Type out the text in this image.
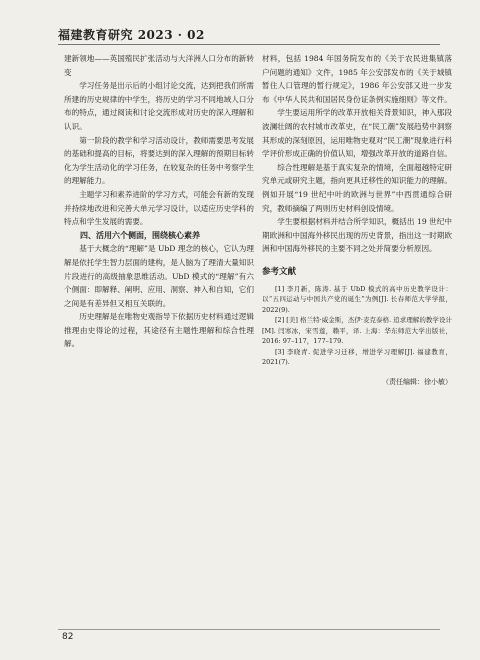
福建教育研究 2023 · 02

建新领地——英国殖民扩张活动与大洋洲人口分布的新转变

学习任务是出示后的小组讨论交流，达到把我们所需所建的历史规律的中学生，将历史的学习不同地域人口分布的特点，通过阅读和讨论交流形成对历史的深入理解和认识。

第一阶段的教学和学习活动设计，教师需要思考发展的基础和提高的目标，将要达到的深入理解的预期目标转化为学生活动化的学习任务，在较复杂的任务中考察学生的理解能力。

主题学习和素养进阶的学习方式，可能会有新的发现并持续地改进和完善大单元学习设计，以适应历史学科的特点和学生发展的需要。

四、活用六个侧面，围绕核心素养

基于大概念的“理解”是 UbD 理念的核心，它认为理解是依托学生智力层面的建构，是人脑为了理清大量知识片段进行的高级抽象思维活动。UbD 模式的“理解”有六个侧面：即解释、阐明、应用、洞察、神入和自知，它们之间是有差异但又相互关联的。

历史理解是在唯物史观指导下依据历史材料通过逻辑推理由史得论的过程，其途径有主题性理解和综合性理解。

材料，包括 1984 年国务院发布的《关于农民进集镇落户问题的通知》文件，1985 年公安部发布的《关于城镇暂住人口管理的暂行规定》，1986 年公安部又进一步发布《中华人民共和国居民身份证条例实施细则》等文件。

学生要运用所学的改革开放相关背景知识，神入那段波澜壮阔的农村城市改革史，在“民工潮”发展趋势中洞察其形成的深刻原因，运用唯物史观对“民工潮”现象进行科学评价形成正确的价值认知，增强改革开放的道路自信。

综合性理解是基于真实复杂的情境，全面超越特定研究单元或研究主题，指向更具迁移性的知识能力的理解。例如开展“19 世纪中叶的欧洲与世界”中西贯通综合研究，教师摘编了两则历史材料创设情境。

学生要根据材料并结合所学知识，概括出 19 世纪中期欧洲和中国海外移民出现的历史背景，指出这一时期欧洲和中国海外移民的主要不同之处并简要分析原因。

参考文献

[1] 李月新，陈涛. 基于 UbD 模式的高中历史教学设计：以“五四运动与中国共产党的诞生”为例[J]. 长春师范大学学报，2022(9).

[2] [美] 格兰特·威金斯，杰伊·麦克泰格. 追求理解的教学设计[M]. 闫寒冰，宋雪莲，赖平，译. 上海：华东师范大学出版社，2016: 97–117，177–179.

[3] 李晓青. 促进学习迁移，增进学习理解[J]. 福建教育，2021(7).

（责任编辑：徐小敏）
82
